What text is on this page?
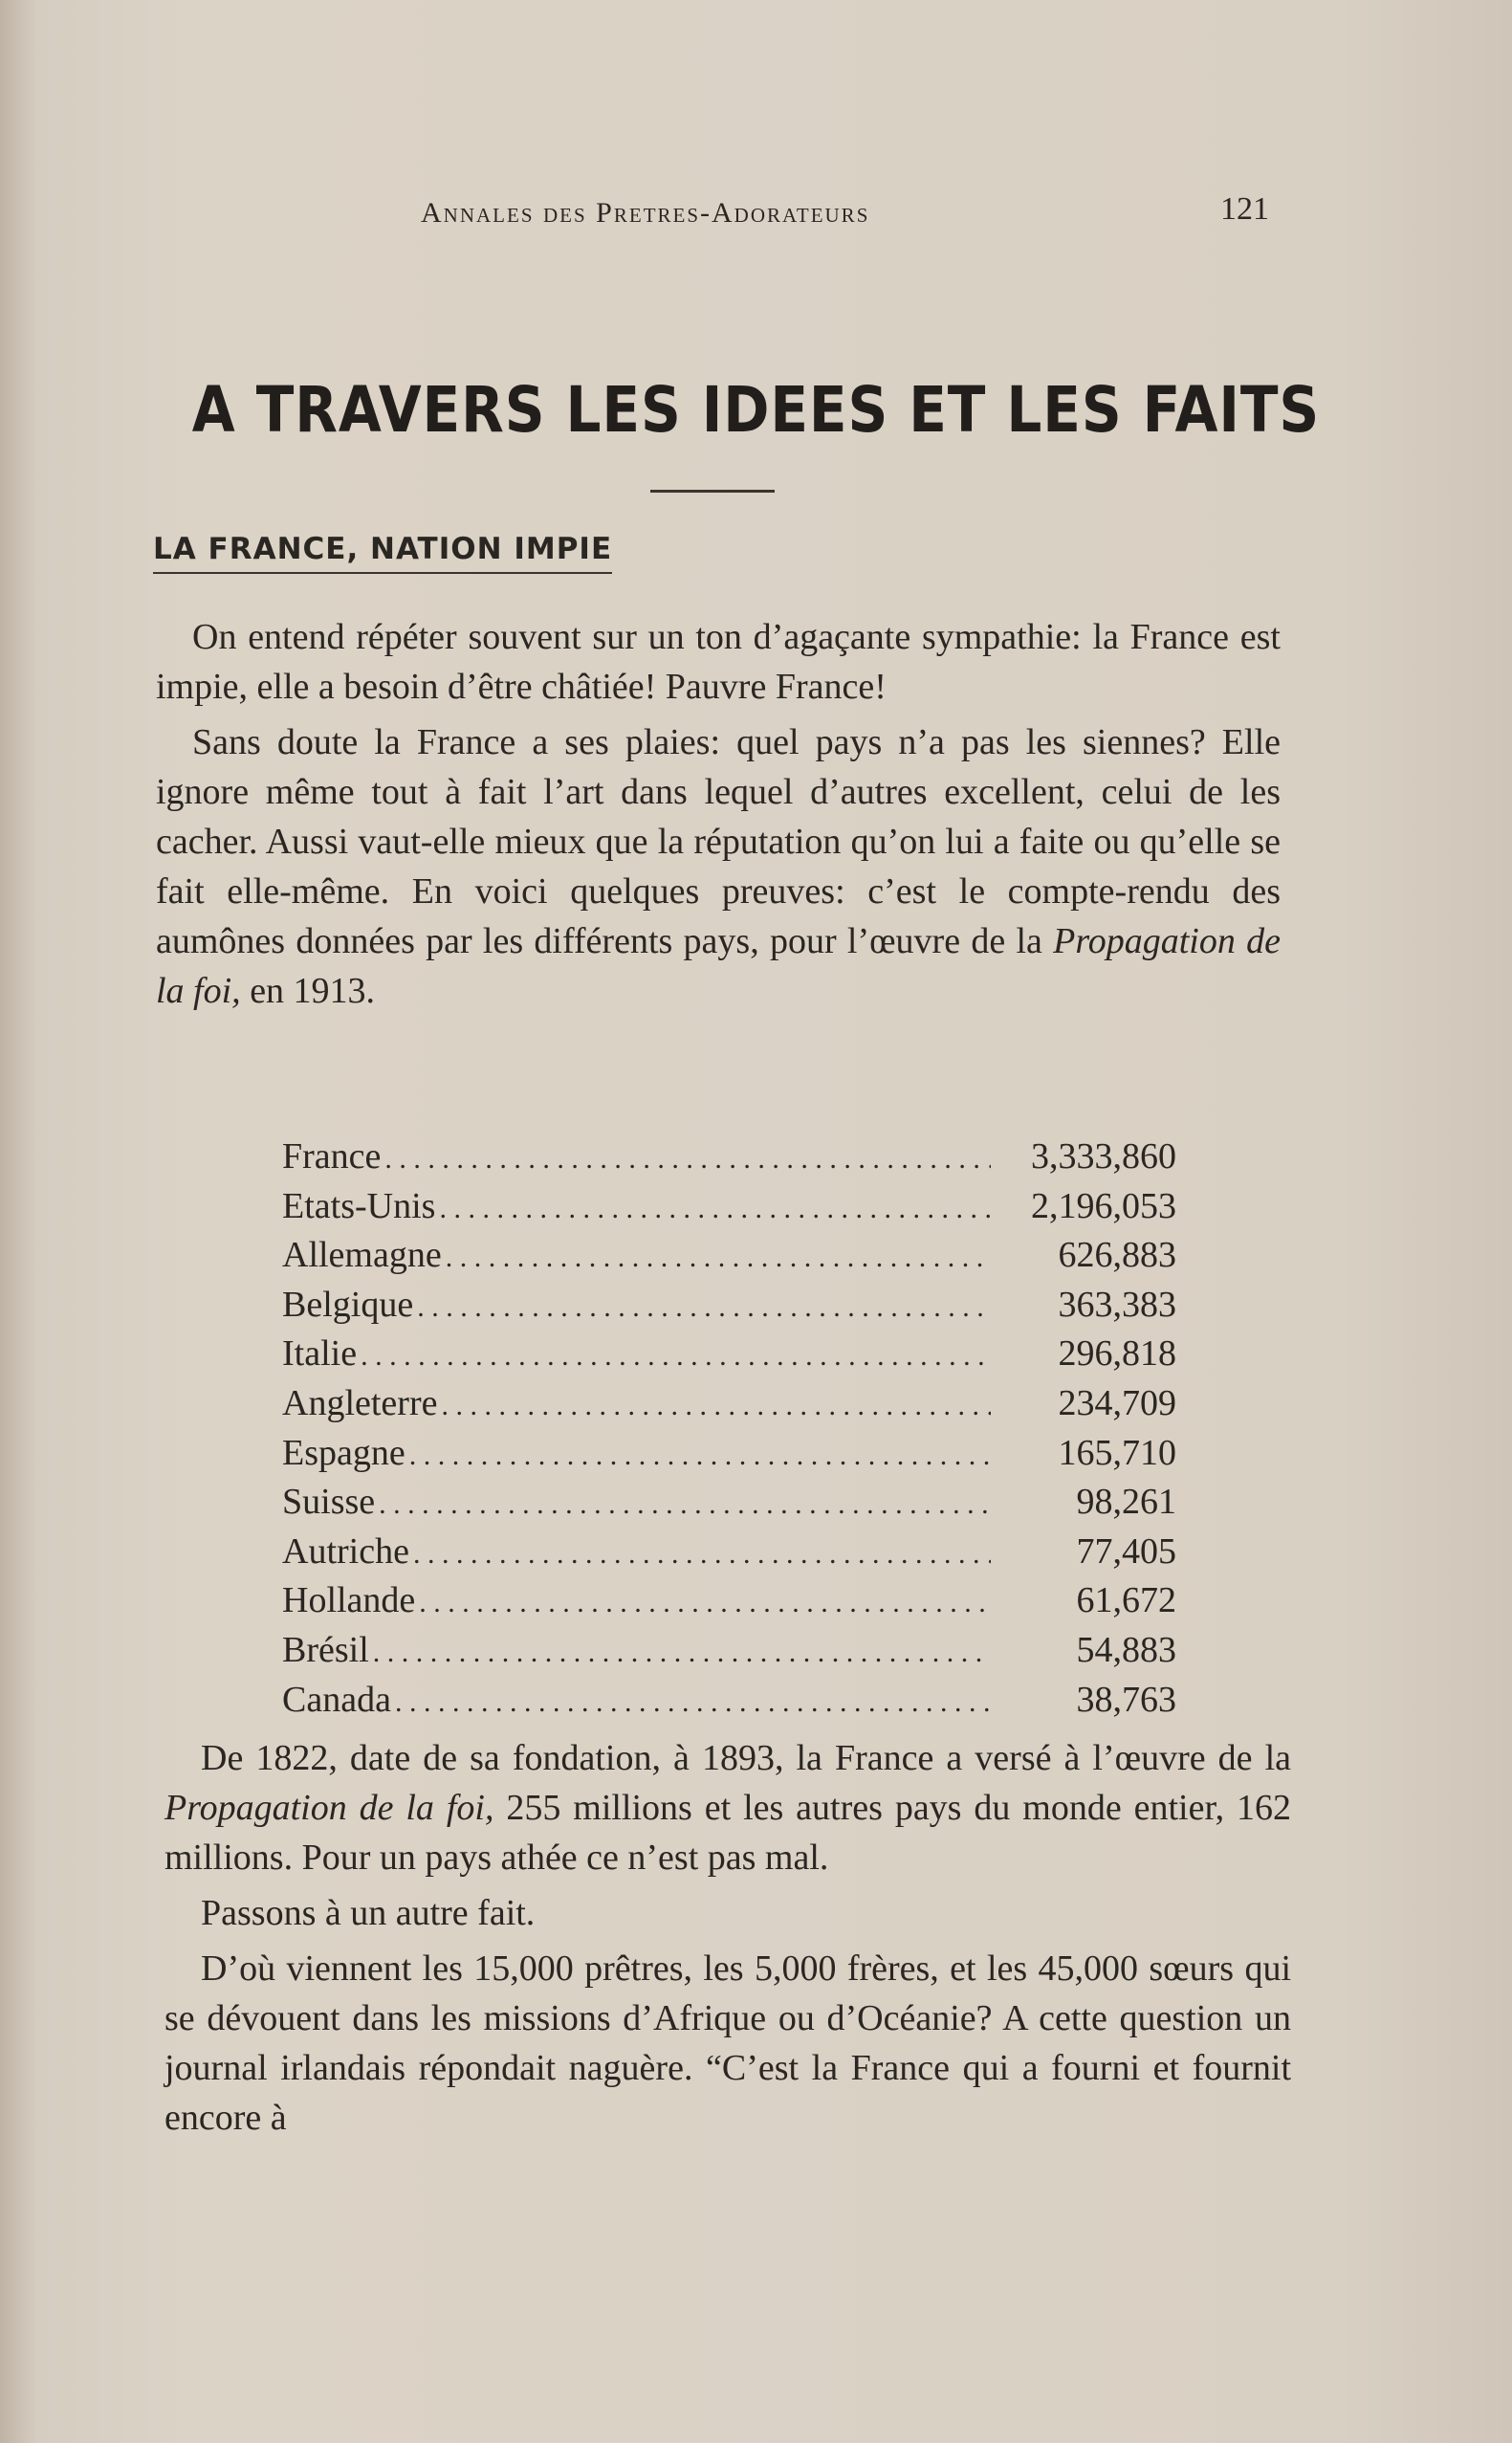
Annales des Pretres-Adorateurs	121
A TRAVERS LES IDEES ET LES FAITS
LA FRANCE, NATION IMPIE

On entend répéter souvent sur un ton d’agaçante sympathie: la France est impie, elle a besoin d’être châtiée! Pauvre France!

Sans doute la France a ses plaies: quel pays n’a pas les siennes? Elle ignore même tout à fait l’art dans lequel d’autres excellent, celui de les cacher. Aussi vaut-elle mieux que la réputation qu’on lui a faite ou qu’elle se fait elle-même. En voici quelques preuves: c’est le compte-rendu des aumônes données par les différents pays, pour l’œuvre de la Propagation de la foi, en 1913.

France . . .	3,333,860
Etats-Unis . . .	2,196,053
Allemagne . . .	626,883
Belgique . . .	363,383
Italie . . .	296,818
Angleterre . . .	234,709
Espagne . . .	165,710
Suisse . . .	98,261
Autriche . . .	77,405
Hollande . . .	61,672
Brésil . . .	54,883
Canada . . .	38,763

De 1822, date de sa fondation, à 1893, la France a versé à l’œuvre de la Propagation de la foi, 255 millions et les autres pays du monde entier, 162 millions. Pour un pays athée ce n’est pas mal.

Passons à un autre fait.

D’où viennent les 15,000 prêtres, les 5,000 frères, et les 45,000 sœurs qui se dévouent dans les missions d’Afrique ou d’Océanie? A cette question un journal irlandais répondait naguère. “C’est la France qui a fourni et fournit encore à
